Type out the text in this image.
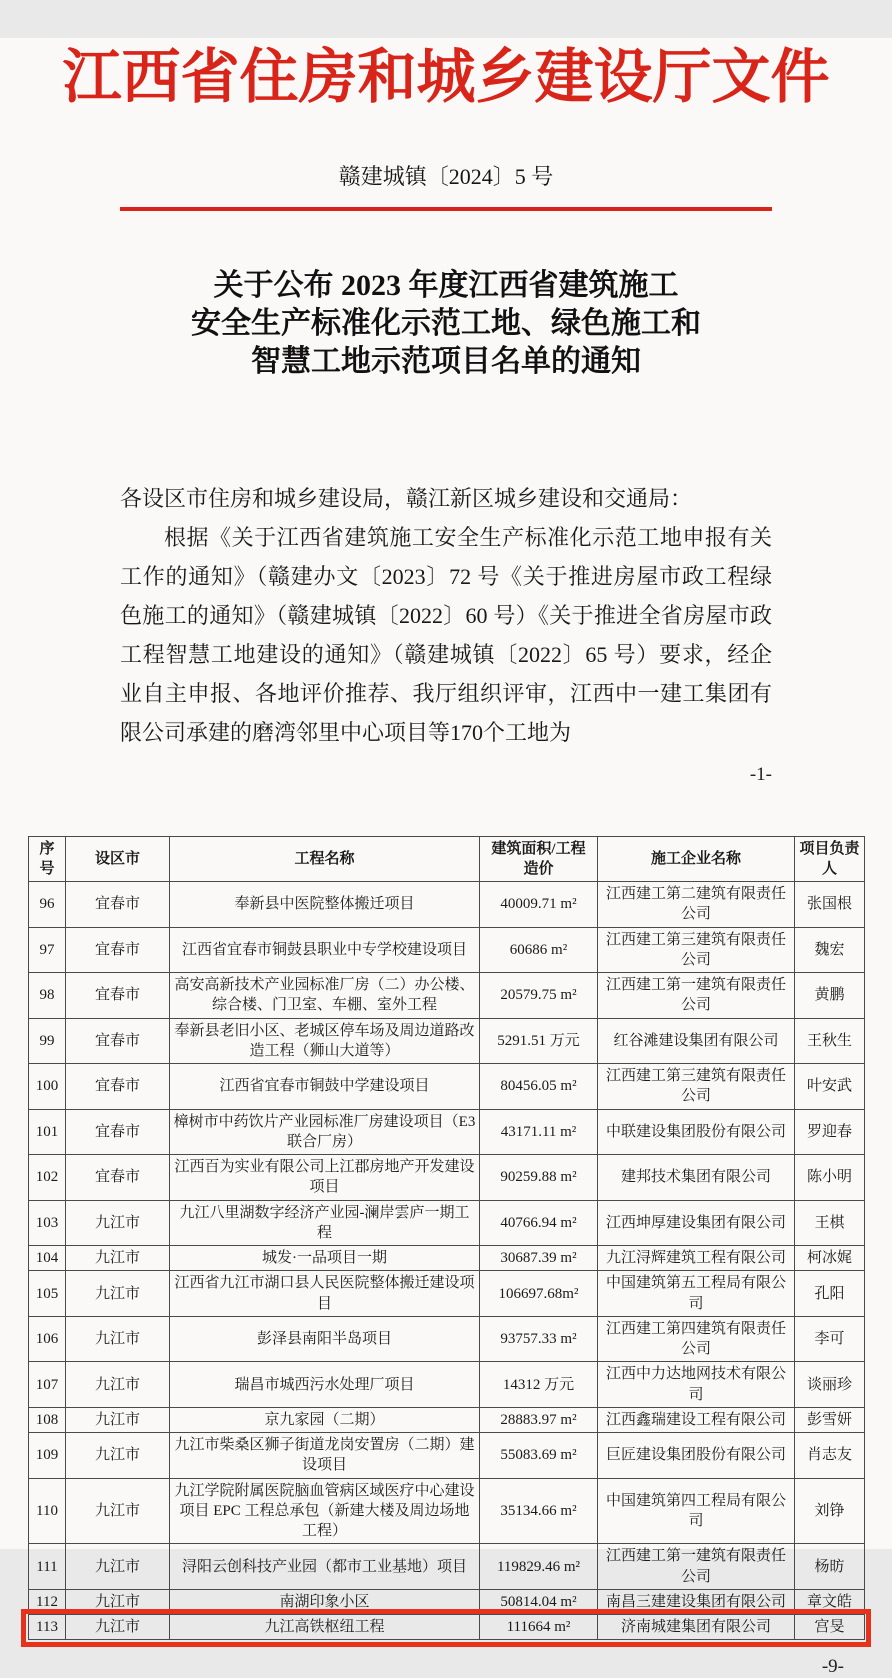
江西省住房和城乡建设厅文件
赣建城镇〔2024〕5 号
关于公布 2023 年度江西省建筑施工
安全生产标准化示范工地、绿色施工和
智慧工地示范项目名单的通知

各设区市住房和城乡建设局，赣江新区城乡建设和交通局：

根据《关于江西省建筑施工安全生产标准化示范工地申报有关工作的通知》（赣建办文〔2023〕72 号《关于推进房屋市政工程绿色施工的通知》（赣建城镇〔2022〕60 号）《关于推进全省房屋市政工程智慧工地建设的通知》（赣建城镇〔2022〕65 号）要求，经企业自主申报、各地评价推荐、我厅组织评审，江西中一建工集团有限公司承建的磨湾邻里中心项目等170个工地为

-1-
序号	设区市	工程名称	建筑面积/工程造价	施工企业名称	项目负责人
96	宜春市	奉新县中医院整体搬迁项目	40009.71 m²	江西建工第二建筑有限责任公司	张国根
97	宜春市	江西省宜春市铜鼓县职业中专学校建设项目	60686 m²	江西建工第三建筑有限责任公司	魏宏
98	宜春市	高安高新技术产业园标准厂房（二）办公楼、综合楼、门卫室、车棚、室外工程	20579.75 m²	江西建工第一建筑有限责任公司	黄鹏
99	宜春市	奉新县老旧小区、老城区停车场及周边道路改造工程（狮山大道等）	5291.51 万元	红谷滩建设集团有限公司	王秋生
100	宜春市	江西省宜春市铜鼓中学建设项目	80456.05 m²	江西建工第三建筑有限责任公司	叶安武
101	宜春市	樟树市中药饮片产业园标准厂房建设项目（E3 联合厂房）	43171.11 m²	中联建设集团股份有限公司	罗迎春
102	宜春市	江西百为实业有限公司上江郡房地产开发建设项目	90259.88 m²	建邦技术集团有限公司	陈小明
103	九江市	九江八里湖数字经济产业园-澜岸雲庐一期工程	40766.94 m²	江西坤厚建设集团有限公司	王棋
104	九江市	城发·一品项目一期	30687.39 m²	九江浔辉建筑工程有限公司	柯冰娓
105	九江市	江西省九江市湖口县人民医院整体搬迁建设项目	106697.68m²	中国建筑第五工程局有限公司	孔阳
106	九江市	彭泽县南阳半岛项目	93757.33 m²	江西建工第四建筑有限责任公司	李可
107	九江市	瑞昌市城西污水处理厂项目	14312 万元	江西中力达地网技术有限公司	谈丽珍
108	九江市	京九家园（二期）	28883.97 m²	江西鑫瑞建设工程有限公司	彭雪妍
109	九江市	九江市柴桑区狮子街道龙岗安置房（二期）建设项目	55083.69 m²	巨匠建设集团股份有限公司	肖志友
110	九江市	九江学院附属医院脑血管病区域医疗中心建设项目 EPC 工程总承包（新建大楼及周边场地工程）	35134.66 m²	中国建筑第四工程局有限公司	刘铮
111	九江市	浔阳云创科技产业园（都市工业基地）项目	119829.46 m²	江西建工第一建筑有限责任公司	杨昉
112	九江市	南湖印象小区	50814.04 m²	南昌三建建设集团有限公司	章文皓
113	九江市	九江高铁枢纽工程	111664 m²	济南城建集团有限公司	宫旻
-9-
